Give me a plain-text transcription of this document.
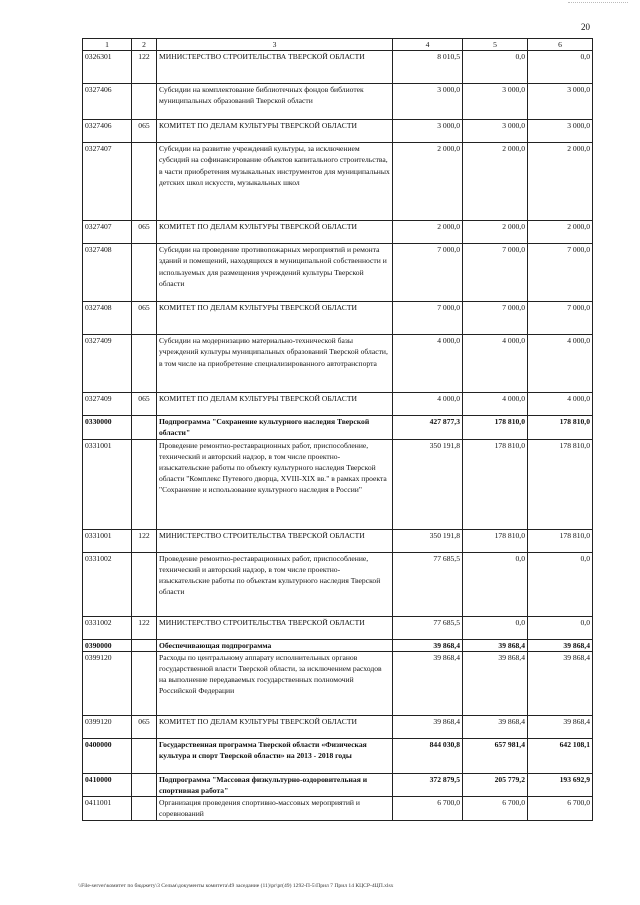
20
1	2	3	4	5	6
0326301	122	МИНИСТЕРСТВО СТРОИТЕЛЬСТВА ТВЕРСКОЙ ОБЛАСТИ	8 010,5	0,0	0,0
0327406		Субсидии на комплектование библиотечных фондов библиотек муниципальных образований Тверской области	3 000,0	3 000,0	3 000,0
0327406	065	КОМИТЕТ ПО ДЕЛАМ КУЛЬТУРЫ ТВЕРСКОЙ ОБЛАСТИ	3 000,0	3 000,0	3 000,0
0327407		Субсидии на развитие учреждений культуры, за исключением субсидий на софинансирование объектов капитального строительства, в части приобретения музыкальных инструментов для муниципальных детских школ искусств, музыкальных школ	2 000,0	2 000,0	2 000,0
0327407	065	КОМИТЕТ ПО ДЕЛАМ КУЛЬТУРЫ ТВЕРСКОЙ ОБЛАСТИ	2 000,0	2 000,0	2 000,0
0327408		Субсидии на проведение противопожарных мероприятий и ремонта зданий и помещений, находящихся в муниципальной собственности и используемых для размещения учреждений культуры Тверской области	7 000,0	7 000,0	7 000,0
0327408	065	КОМИТЕТ ПО ДЕЛАМ КУЛЬТУРЫ ТВЕРСКОЙ ОБЛАСТИ	7 000,0	7 000,0	7 000,0
0327409		Субсидии на модернизацию материально-технической базы учреждений культуры муниципальных образований Тверской области, в том числе на приобретение специализированного автотранспорта	4 000,0	4 000,0	4 000,0
0327409	065	КОМИТЕТ ПО ДЕЛАМ КУЛЬТУРЫ ТВЕРСКОЙ ОБЛАСТИ	4 000,0	4 000,0	4 000,0
0330000		Подпрограмма "Сохранение культурного наследия Тверской области"	427 877,3	178 810,0	178 810,0
0331001		Проведение ремонтно-реставрационных работ, приспособление, технический и авторский надзор, в том числе проектно-изыскательские работы по объекту культурного наследия Тверской области "Комплекс Путевого дворца, XVIII-XIX вв." в рамках проекта "Сохранение и использование культурного наследия в России"	350 191,8	178 810,0	178 810,0
0331001	122	МИНИСТЕРСТВО СТРОИТЕЛЬСТВА ТВЕРСКОЙ ОБЛАСТИ	350 191,8	178 810,0	178 810,0
0331002		Проведение ремонтно-реставрационных работ, приспособление, технический и авторский надзор, в том числе проектно-изыскательские работы по объектам культурного наследия Тверской области	77 685,5	0,0	0,0
0331002	122	МИНИСТЕРСТВО СТРОИТЕЛЬСТВА ТВЕРСКОЙ ОБЛАСТИ	77 685,5	0,0	0,0
0390000		Обеспечивающая подпрограмма	39 868,4	39 868,4	39 868,4
0399120		Расходы по центральному аппарату исполнительных органов государственной власти Тверской области, за исключением расходов на выполнение передаваемых государственных полномочий Российской Федерации	39 868,4	39 868,4	39 868,4
0399120	065	КОМИТЕТ ПО ДЕЛАМ КУЛЬТУРЫ ТВЕРСКОЙ ОБЛАСТИ	39 868,4	39 868,4	39 868,4
0400000		Государственная программа Тверской области «Физическая культура и спорт Тверской области» на 2013 - 2018 годы	844 030,8	657 981,4	642 108,1
0410000		Подпрограмма "Массовая физкультурно-оздоровительная и спортивная работа"	372 879,5	205 779,2	193 692,9
0411001		Организация проведения спортивно-массовых мероприятий и соревнований	6 700,0	6 700,0	6 700,0
\\File-server\комитет по бюджету\3 Сельм\документы комитета\49 заседание (11)\pr\pr(49) 1292-П-5\Прил 7 Прил 14 КЦСР-4ЦП.xlsx
